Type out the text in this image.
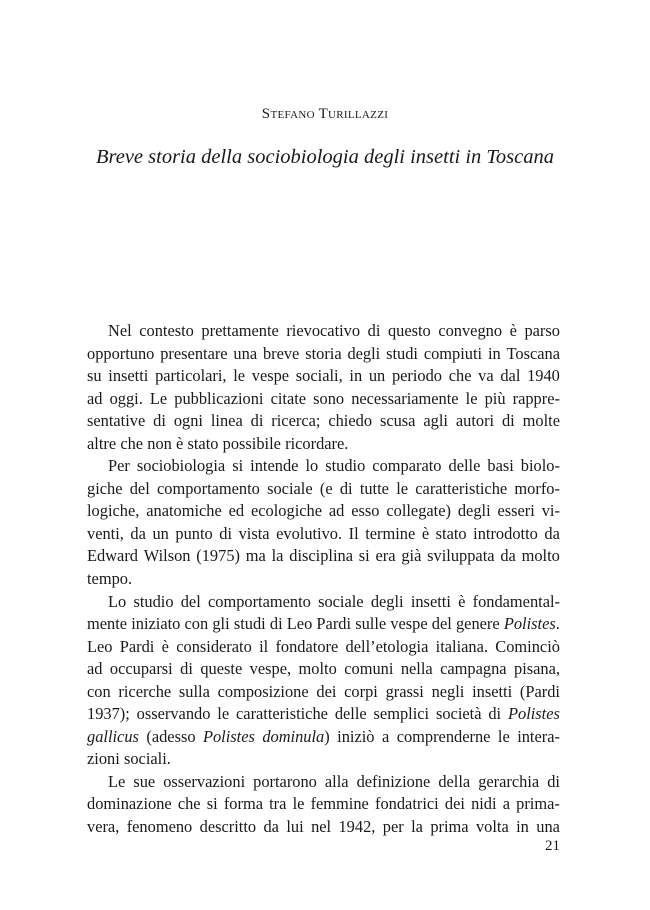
Stefano Turillazzi
Breve storia della sociobiologia degli insetti in Toscana
Nel contesto prettamente rievocativo di questo convegno è parso
opportuno presentare una breve storia degli studi compiuti in Toscana
su insetti particolari, le vespe sociali, in un periodo che va dal 1940
ad oggi. Le pubblicazioni citate sono necessariamente le più rappre-
sentative di ogni linea di ricerca; chiedo scusa agli autori di molte
altre che non è stato possibile ricordare.
Per sociobiologia si intende lo studio comparato delle basi biolo-
giche del comportamento sociale (e di tutte le caratteristiche morfo-
logiche, anatomiche ed ecologiche ad esso collegate) degli esseri vi-
venti, da un punto di vista evolutivo. Il termine è stato introdotto da
Edward Wilson (1975) ma la disciplina si era già sviluppata da molto
tempo.
Lo studio del comportamento sociale degli insetti è fondamental-
mente iniziato con gli studi di Leo Pardi sulle vespe del genere Polistes.
Leo Pardi è considerato il fondatore dell’etologia italiana. Cominciò
ad occuparsi di queste vespe, molto comuni nella campagna pisana,
con ricerche sulla composizione dei corpi grassi negli insetti (Pardi
1937); osservando le caratteristiche delle semplici società di Polistes
gallicus (adesso Polistes dominula) iniziò a comprenderne le intera-
zioni sociali.
Le sue osservazioni portarono alla definizione della gerarchia di
dominazione che si forma tra le femmine fondatrici dei nidi a prima-
vera, fenomeno descritto da lui nel 1942, per la prima volta in una
21
